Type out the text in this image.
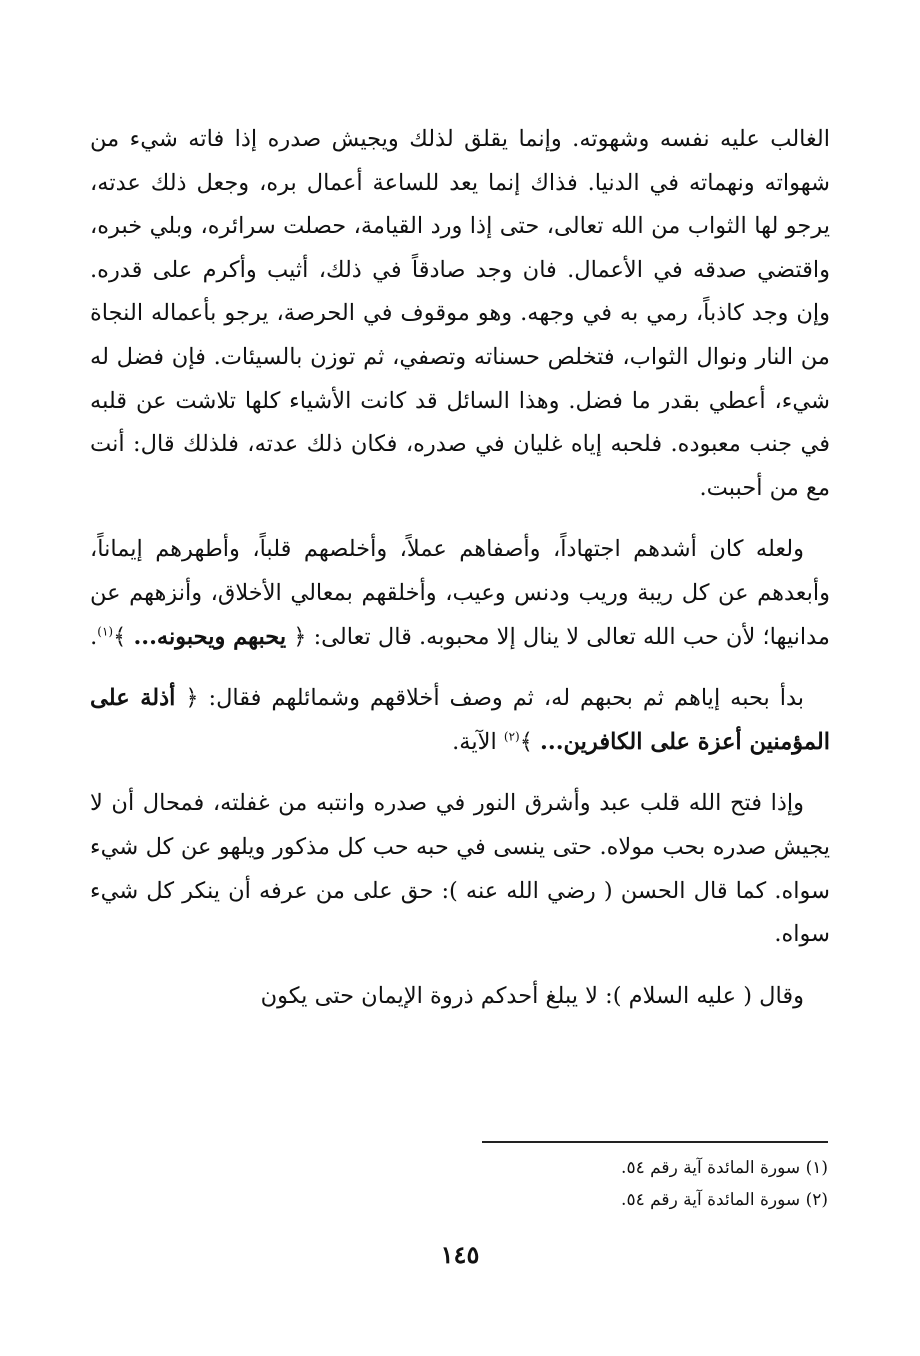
الغالب عليه نفسه وشهوته. وإنما يقلق لذلك ويجيش صدره إذا فاته شيء من شهواته ونهماته في الدنيا. فذاك إنما يعد للساعة أعمال بره، وجعل ذلك عدته، يرجو لها الثواب من الله تعالى، حتى إذا ورد القيامة، حصلت سرائره، وبلي خبره، واقتضي صدقه في الأعمال. فان وجد صادقاً في ذلك، أثيب وأكرم على قدره. وإن وجد كاذباً، رمي به في وجهه. وهو موقوف في الحرصة، يرجو بأعماله النجاة من النار ونوال الثواب، فتخلص حسناته وتصفي، ثم توزن بالسيئات. فإن فضل له شيء، أعطي بقدر ما فضل. وهذا السائل قد كانت الأشياء كلها تلاشت عن قلبه في جنب معبوده. فلحبه إياه غليان في صدره، فكان ذلك عدته، فلذلك قال: أنت مع من أحببت.

ولعله كان أشدهم اجتهاداً، وأصفاهم عملاً، وأخلصهم قلباً، وأطهرهم إيماناً، وأبعدهم عن كل ريبة وريب ودنس وعيب، وأخلقهم بمعالي الأخلاق، وأنزههم عن مدانيها؛ لأن حب الله تعالى لا ينال إلا محبوبه. قال تعالى: ﴿ يحبهم ويحبونه... ﴾$^{(١)}$.

بدأ بحبه إياهم ثم بحبهم له، ثم وصف أخلاقهم وشمائلهم فقال: ﴿ أذلة على المؤمنين أعزة على الكافرين... ﴾$^{(٢)}$ الآية.

وإذا فتح الله قلب عبد وأشرق النور في صدره وانتبه من غفلته، فمحال أن لا يجيش صدره بحب مولاه. حتى ينسى في حبه حب كل مذكور ويلهو عن كل شيء سواه. كما قال الحسن ( رضي الله عنه ): حق على من عرفه أن ينكر كل شيء سواه.

وقال ( عليه السلام ): لا يبلغ أحدكم ذروة الإيمان حتى يكون

(١) سورة المائدة آية رقم ٥٤.
(٢) سورة المائدة آية رقم ٥٤.
١٤٥
